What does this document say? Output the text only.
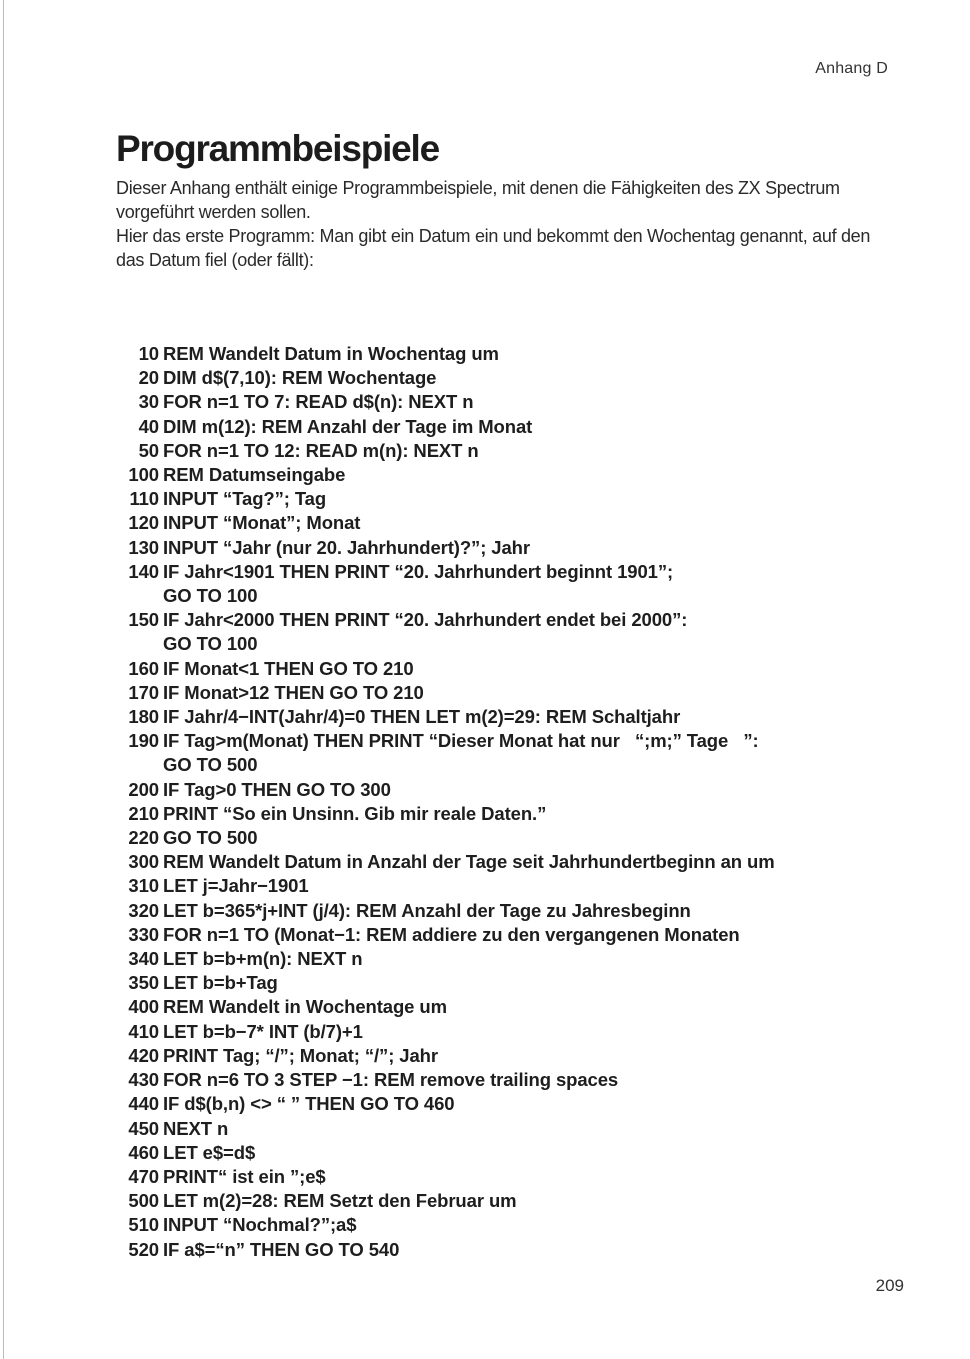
Anhang D
Programmbeispiele

Dieser Anhang enthält einige Programmbeispiele, mit denen die Fähigkeiten des ZX Spectrum vorgeführt werden sollen.

Hier das erste Programm: Man gibt ein Datum ein und bekommt den Wochentag genannt, auf den das Datum fiel (oder fällt):

10 REM Wandelt Datum in Wochentag um
20 DIM d$(7,10): REM Wochentage
30 FOR n=1 TO 7: READ d$(n): NEXT n
40 DIM m(12): REM Anzahl der Tage im Monat
50 FOR n=1 TO 12: READ m(n): NEXT n
100 REM Datumseingabe
110 INPUT “Tag?”; Tag
120 INPUT “Monat”; Monat
130 INPUT “Jahr (nur 20. Jahrhundert)?”; Jahr
140 IF Jahr<1901 THEN PRINT “20. Jahrhundert beginnt 1901”;
GO TO 100
150 IF Jahr<2000 THEN PRINT “20. Jahrhundert endet bei 2000”:
GO TO 100
160 IF Monat<1 THEN GO TO 210
170 IF Monat>12 THEN GO TO 210
180 IF Jahr/4−INT(Jahr/4)=0 THEN LET m(2)=29: REM Schaltjahr
190 IF Tag>m(Monat) THEN PRINT “Dieser Monat hat nur   “;m;” Tage   ”:
GO TO 500
200 IF Tag>0 THEN GO TO 300
210 PRINT “So ein Unsinn. Gib mir reale Daten.”
220 GO TO 500
300 REM Wandelt Datum in Anzahl der Tage seit Jahrhundertbeginn an um
310 LET j=Jahr−1901
320 LET b=365*j+INT (j/4): REM Anzahl der Tage zu Jahresbeginn
330 FOR n=1 TO (Monat−1: REM addiere zu den vergangenen Monaten
340 LET b=b+m(n): NEXT n
350 LET b=b+Tag
400 REM Wandelt in Wochentage um
410 LET b=b−7* INT (b/7)+1
420 PRINT Tag; “/”; Monat; “/”; Jahr
430 FOR n=6 TO 3 STEP −1: REM remove trailing spaces
440 IF d$(b,n) <> “ ” THEN GO TO 460
450 NEXT n
460 LET e$=d$
470 PRINT“ ist ein ”;e$
500 LET m(2)=28: REM Setzt den Februar um
510 INPUT “Nochmal?”;a$
520 IF a$=“n” THEN GO TO 540
209
